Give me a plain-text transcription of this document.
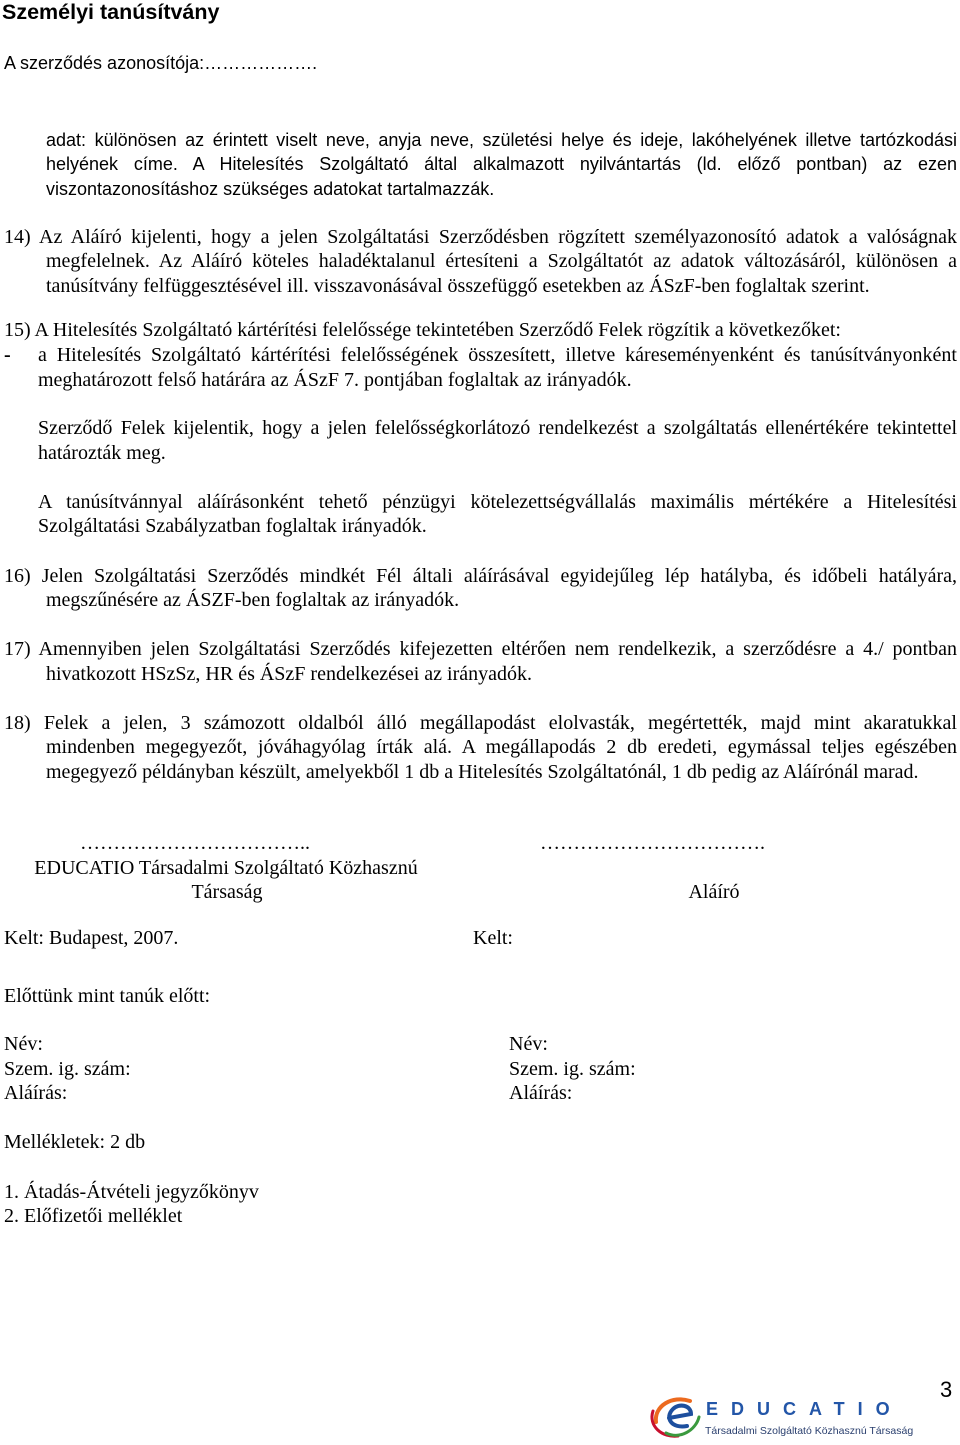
Személyi tanúsítvány
A szerződés azonosítója:……………….
adat: különösen az érintett viselt neve, anyja neve, születési helye és ideje, lakóhelyének illetve tartózkodási
helyének címe. A Hitelesítés Szolgáltató által alkalmazott nyilvántartás (ld. előző pontban) az ezen
viszontazonosításhoz szükséges adatokat tartalmazzák.
14) Az Aláíró kijelenti, hogy a jelen Szolgáltatási Szerződésben rögzített személyazonosító adatok a valóságnak
megfelelnek. Az Aláíró köteles haladéktalanul értesíteni a Szolgáltatót az adatok változásáról, különösen a
tanúsítvány felfüggesztésével ill. visszavonásával összefüggő esetekben az ÁSzF-ben foglaltak szerint.
15) A Hitelesítés Szolgáltató kártérítési felelőssége tekintetében Szerződő Felek rögzítik a következőket:
- a Hitelesítés Szolgáltató kártérítési felelősségének összesített, illetve káreseményenként és tanúsítványonként
meghatározott felső határára az ÁSzF 7. pontjában foglaltak az irányadók.
Szerződő Felek kijelentik, hogy a jelen felelősségkorlátozó rendelkezést a szolgáltatás ellenértékére tekintettel
határozták meg.
A tanúsítvánnyal aláírásonként tehető pénzügyi kötelezettségvállalás maximális mértékére a Hitelesítési
Szolgáltatási Szabályzatban foglaltak irányadók.
16) Jelen Szolgáltatási Szerződés mindkét Fél általi aláírásával egyidejűleg lép hatályba, és időbeli hatályára,
megszűnésére az ÁSZF-ben foglaltak az irányadók.
17) Amennyiben jelen Szolgáltatási Szerződés kifejezetten eltérően nem rendelkezik, a szerződésre a 4./ pontban
hivatkozott HSzSz, HR és ÁSzF rendelkezései az irányadók.
18) Felek a jelen, 3 számozott oldalból álló megállapodást elolvasták, megértették, majd mint akaratukkal
mindenben megegyezőt, jóváhagyólag írták alá. A megállapodás 2 db eredeti, egymással teljes egészében
megegyező példányban készült, amelyekből 1 db a Hitelesítés Szolgáltatónál, 1 db pedig az Aláírónál marad.
……………………………..	…………………………….
EDUCATIO Társadalmi Szolgáltató Közhasznú
Társaság	Aláíró
Kelt: Budapest, 2007.	Kelt:
Előttünk mint tanúk előtt:
Név:
Szem. ig. szám:
Aláírás:
Név:
Szem. ig. szám:
Aláírás:
Mellékletek: 2 db
1. Átadás-Átvételi jegyzőkönyv
2. Előfizetői melléklet
3
EDUCATIO
Társadalmi Szolgáltató Közhasznú Társaság
